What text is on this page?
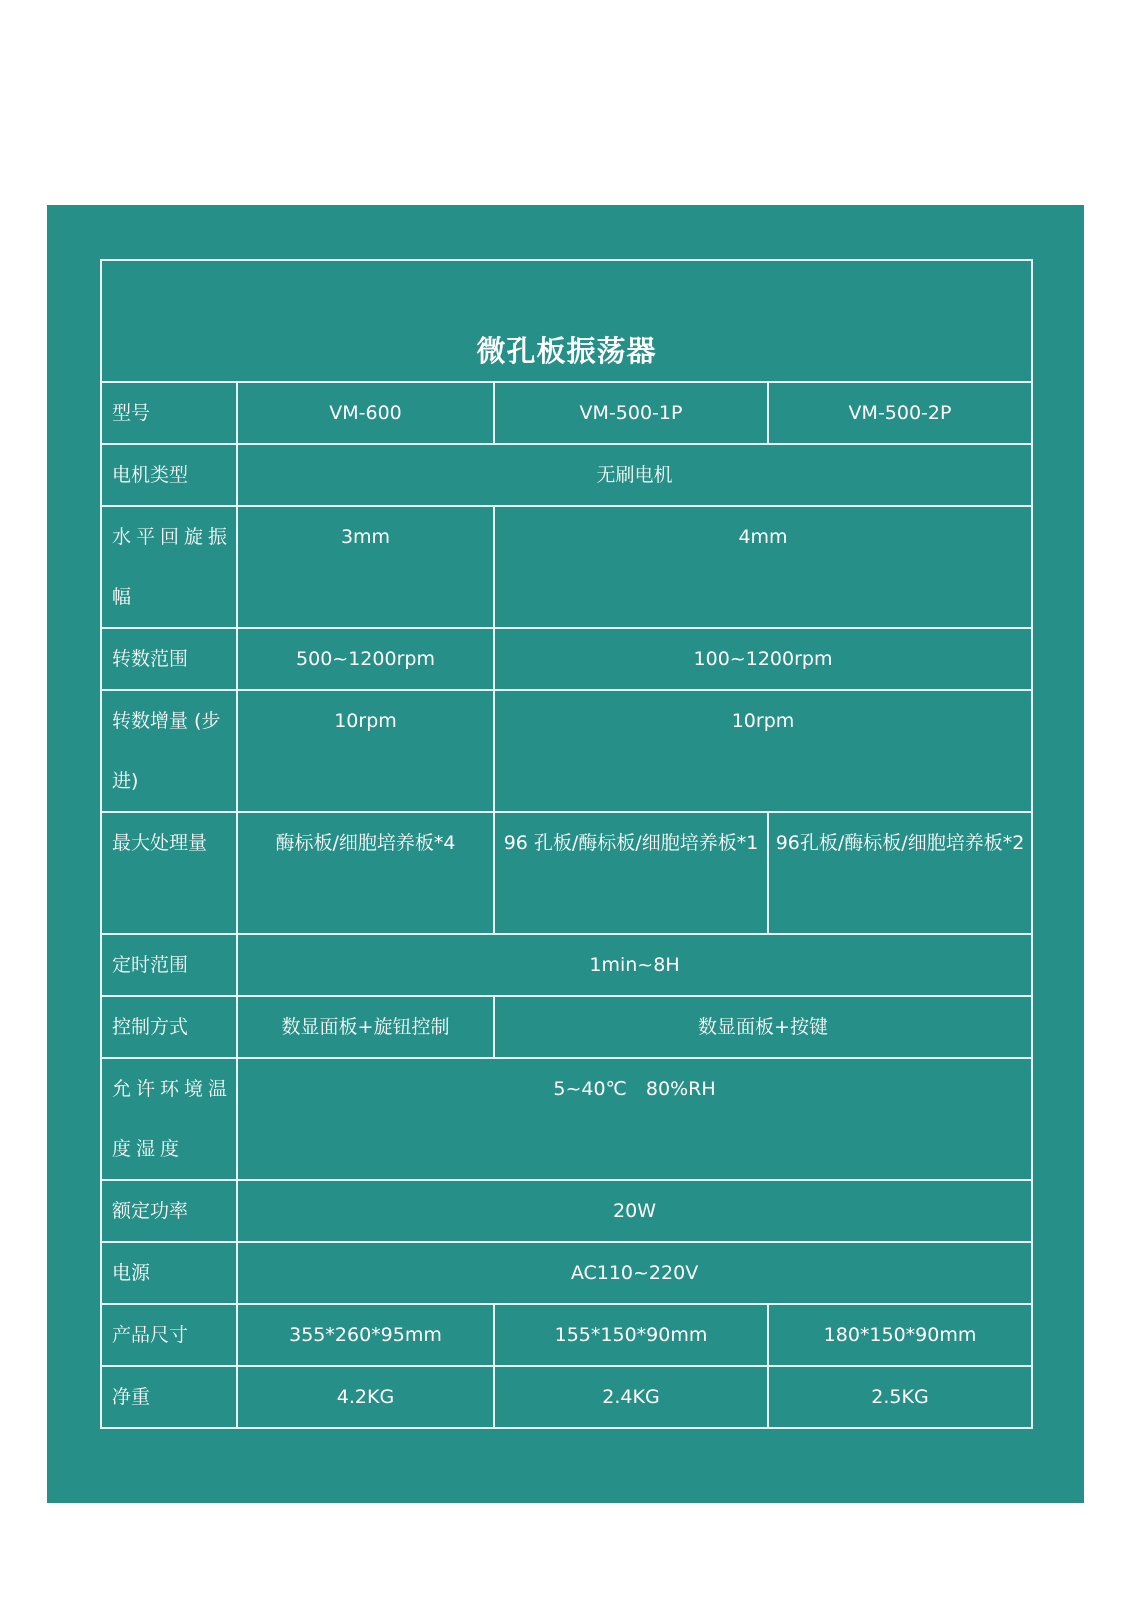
微孔板振荡器			
型号	VM-600	VM-500-1P	VM-500-2P
电机类型	无刷电机		
水平回旋振幅	3mm	4mm	
转数范围	500~1200rpm	100~1200rpm	
转数增量 (步进)	10rpm	10rpm	
最大处理量	酶标板/细胞培养板*4	96 孔板/酶标板/细胞培养板*1	96孔板/酶标板/细胞培养板*2
定时范围	1min~8H		
控制方式	数显面板+旋钮控制	数显面板+按键	
允许环境温度湿度	5~40℃　80%RH		
额定功率	20W		
电源	AC110~220V		
产品尺寸	355*260*95mm	155*150*90mm	180*150*90mm
净重	4.2KG	2.4KG	2.5KG
